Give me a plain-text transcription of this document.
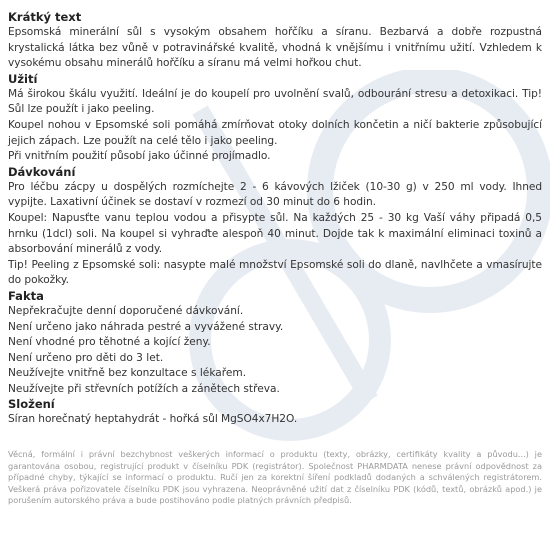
Krátký text

Epsomská minerální sůl s vysokým obsahem hořčíku a síranu. Bezbarvá a dobře rozpustná krystalická látka bez vůně v potravinářské kvalitě, vhodná k vnějšímu i vnitřnímu užití. Vzhledem k vysokému obsahu minerálů hořčíku a síranu má velmi hořkou chut.

Užití

Má širokou škálu využití. Ideální je do koupelí pro uvolnění svalů, odbourání stresu a detoxikaci. Tip! Sůl lze použít i jako peeling.

Koupel nohou v Epsomské soli pomáhá zmírňovat otoky dolních končetin a ničí bakterie způsobující jejich zápach. Lze použít na celé tělo i jako peeling.

Při vnitřním použití působí jako účinné projímadlo.

Dávkování

Pro léčbu zácpy u dospělých rozmíchejte 2 - 6 kávových lžiček (10-30 g) v 250 ml vody. Ihned vypijte. Laxativní účinek se dostaví v rozmezí od 30 minut do 6 hodin.

Koupel: Napusťte vanu teplou vodou a přisypte sůl. Na každých 25 - 30 kg Vaší váhy připadá 0,5 hrnku (1dcl) soli. Na koupel si vyhraďte alespoň 40 minut. Dojde tak k maximální eliminaci toxinů a absorbování minerálů z vody.

Tip! Peeling z Epsomské soli: nasypte malé množství Epsomské soli do dlaně, navlhčete a vmasírujte do pokožky.

Fakta

Nepřekračujte denní doporučené dávkování.
Není určeno jako náhrada pestré a vyvážené stravy.
Není vhodné pro těhotné a kojící ženy.
Není určeno pro děti do 3 let.
Neužívejte vnitřně bez konzultace s lékařem.
Neužívejte při střevních potížích a zánětech střeva.

Složení

Síran horečnatý heptahydrát - hořká sůl MgSO4x7H2O.

Věcná, formální i právní bezchybnost veškerých informací o produktu (texty, obrázky, certifikáty kvality a původu...) je garantována osobou, registrující produkt v číselníku PDK (registrátor). Společnost PHARMDATA nenese právní odpovědnost za případné chyby, týkající se informací o produktu. Ručí jen za korektní šíření podkladů dodaných a schválených registrátorem. Veškerá práva pořizovatele číselníku PDK jsou vyhrazena. Neoprávněné užití dat z číselníku PDK (kódů, textů, obrázků apod.) je porušením autorského práva a bude postihováno podle platných právních předpisů.
